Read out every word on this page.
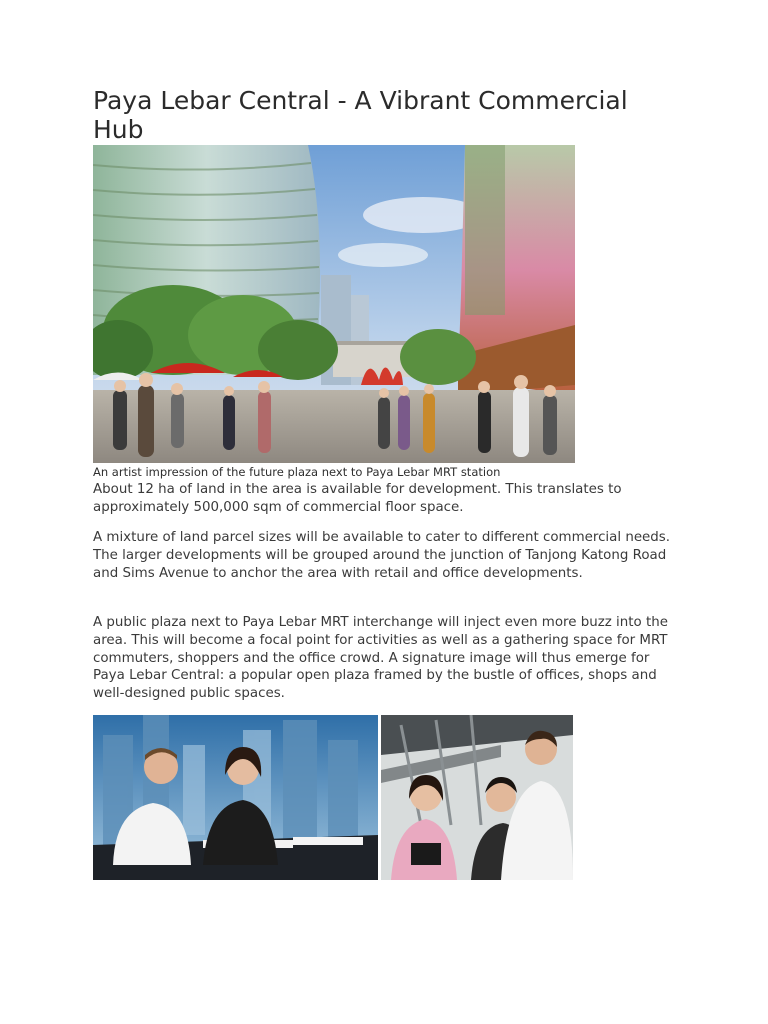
Paya Lebar Central - A Vibrant Commercial Hub
An artist impression of the future plaza next to Paya Lebar MRT station

About 12 ha of land in the area is available for development. This translates to approximately 500,000 sqm of commercial floor space.

A mixture of land parcel sizes will be available to cater to different commercial needs. The larger developments will be grouped around the junction of Tanjong Katong Road and Sims Avenue to anchor the area with retail and office developments.

A public plaza next to Paya Lebar MRT interchange will inject even more buzz into the area. This will become a focal point for activities as well as a gathering space for MRT commuters, shoppers and the office crowd. A signature image will thus emerge for Paya Lebar Central: a popular open plaza framed by the bustle of offices, shops and well-designed public spaces.
